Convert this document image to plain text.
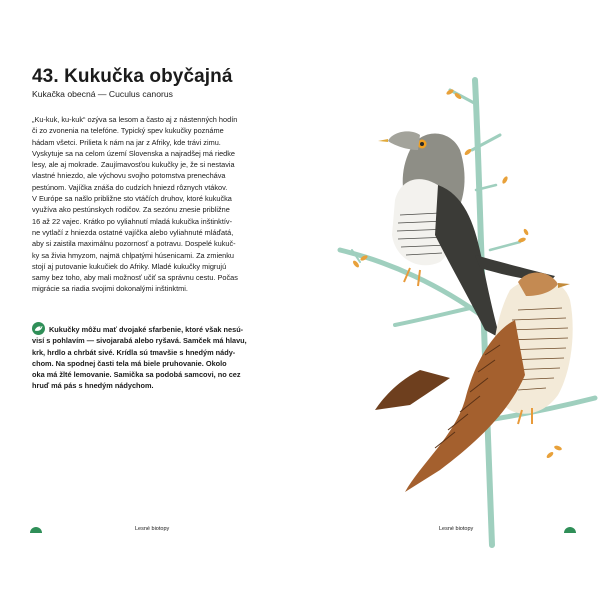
43. Kukučka obyčajná
Kukačka obecná — Cuculus canorus

„Ku-kuk, ku-kuk“ ozýva sa lesom a často aj z nástenných hodín
či zo zvonenia na telefóne. Typický spev kukučky poznáme
hádam všetci. Prilieta k nám na jar z Afriky, kde trávi zimu.
Vyskytuje sa na celom území Slovenska a najradšej má riedke
lesy, ale aj mokrade. Zaujímavosťou kukučky je, že si nestavia
vlastné hniezdo, ale výchovu svojho potomstva prenecháva
pestúnom. Vajíčka znáša do cudzích hniezd rôznych vtákov.
V Európe sa našlo približne sto vtáčích druhov, ktoré kukučka
využíva ako pestúnskych rodičov. Za sezónu znesie približne
16 až 22 vajec. Krátko po vyliahnutí mladá kukučka inštinktív-
ne vytlačí z hniezda ostatné vajíčka alebo vyliahnuté mláďatá,
aby si zaistila maximálnu pozornosť a potravu. Dospelé kukuč-
ky sa živia hmyzom, najmä chlpatými húsenicami. Za zmienku
stojí aj putovanie kukučiek do Afriky. Mladé kukučky migrujú
samy bez toho, aby mali možnosť učiť sa správnu cestu. Počas
migrácie sa riadia svojimi dokonalými inštinktmi.

Kukučky môžu mať dvojaké sfarbenie, ktoré však nesú-
visí s pohlavím — sivojarabá alebo ryšavá. Samček má hlavu,
krk, hrdlo a chrbát sivé. Krídla sú tmavšie s hnedým nády-
chom. Na spodnej časti tela má biele pruhovanie. Okolo
oka má žlté lemovanie. Samička sa podobá samcovi, no cez
hruď má pás s hnedým nádychom.

Lesné biotopy	Lesné biotopy
